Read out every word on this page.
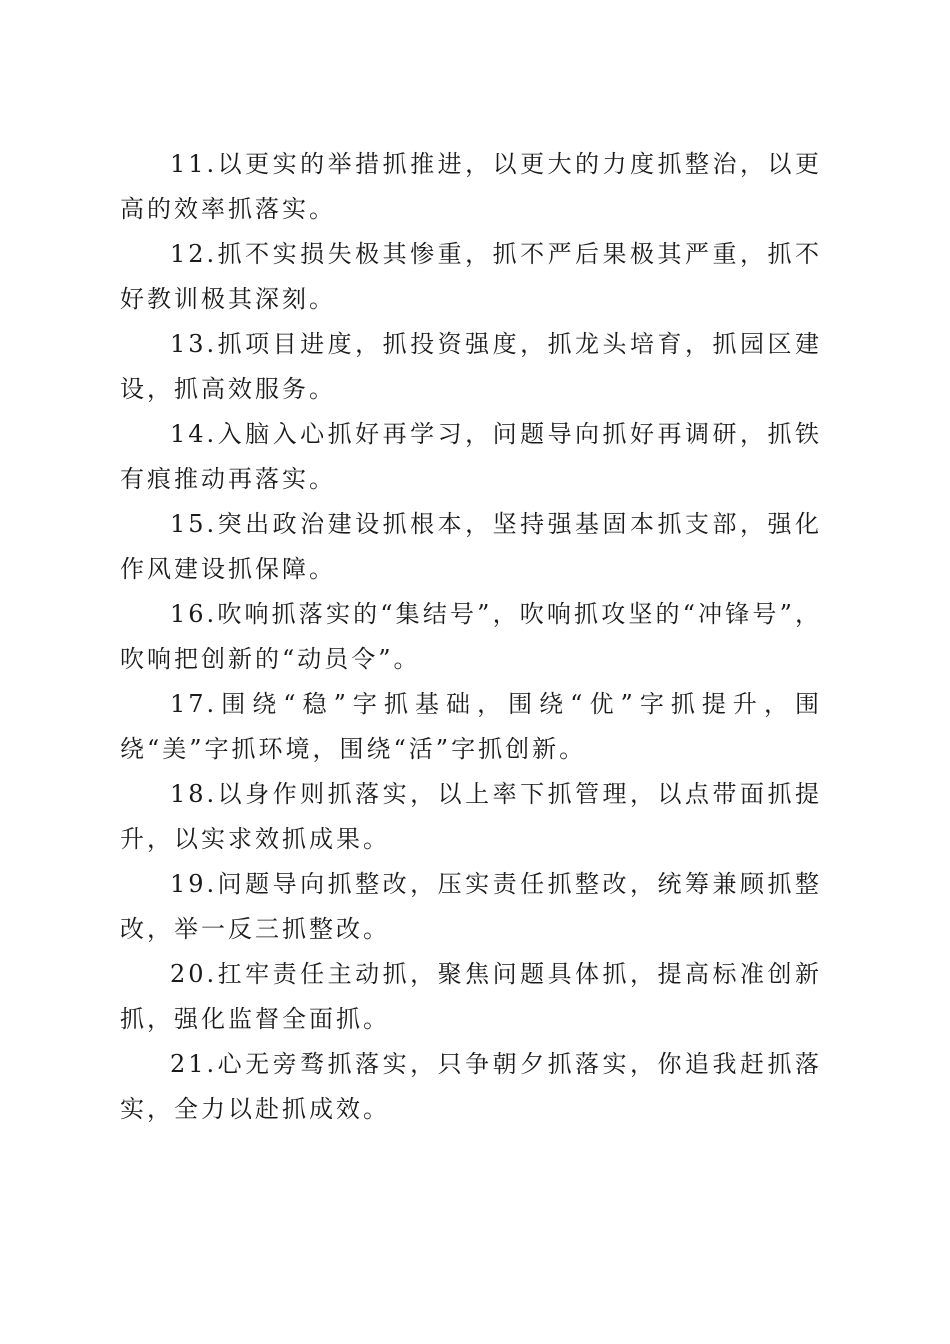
11.以更实的举措抓推进，以更大的力度抓整治，以更高的效率抓落实。

12.抓不实损失极其惨重，抓不严后果极其严重，抓不好教训极其深刻。

13.抓项目进度，抓投资强度，抓龙头培育，抓园区建设，抓高效服务。

14.入脑入心抓好再学习，问题导向抓好再调研，抓铁有痕推动再落实。

15.突出政治建设抓根本，坚持强基固本抓支部，强化作风建设抓保障。

16.吹响抓落实的“集结号”，吹响抓攻坚的“冲锋号”，吹响把创新的“动员令”。

17.围绕“稳”字抓基础，围绕“优”字抓提升，围绕“美”字抓环境，围绕“活”字抓创新。

18.以身作则抓落实，以上率下抓管理，以点带面抓提升，以实求效抓成果。

19.问题导向抓整改，压实责任抓整改，统筹兼顾抓整改，举一反三抓整改。

20.扛牢责任主动抓，聚焦问题具体抓，提高标准创新抓，强化监督全面抓。

21.心无旁骛抓落实，只争朝夕抓落实，你追我赶抓落实，全力以赴抓成效。
